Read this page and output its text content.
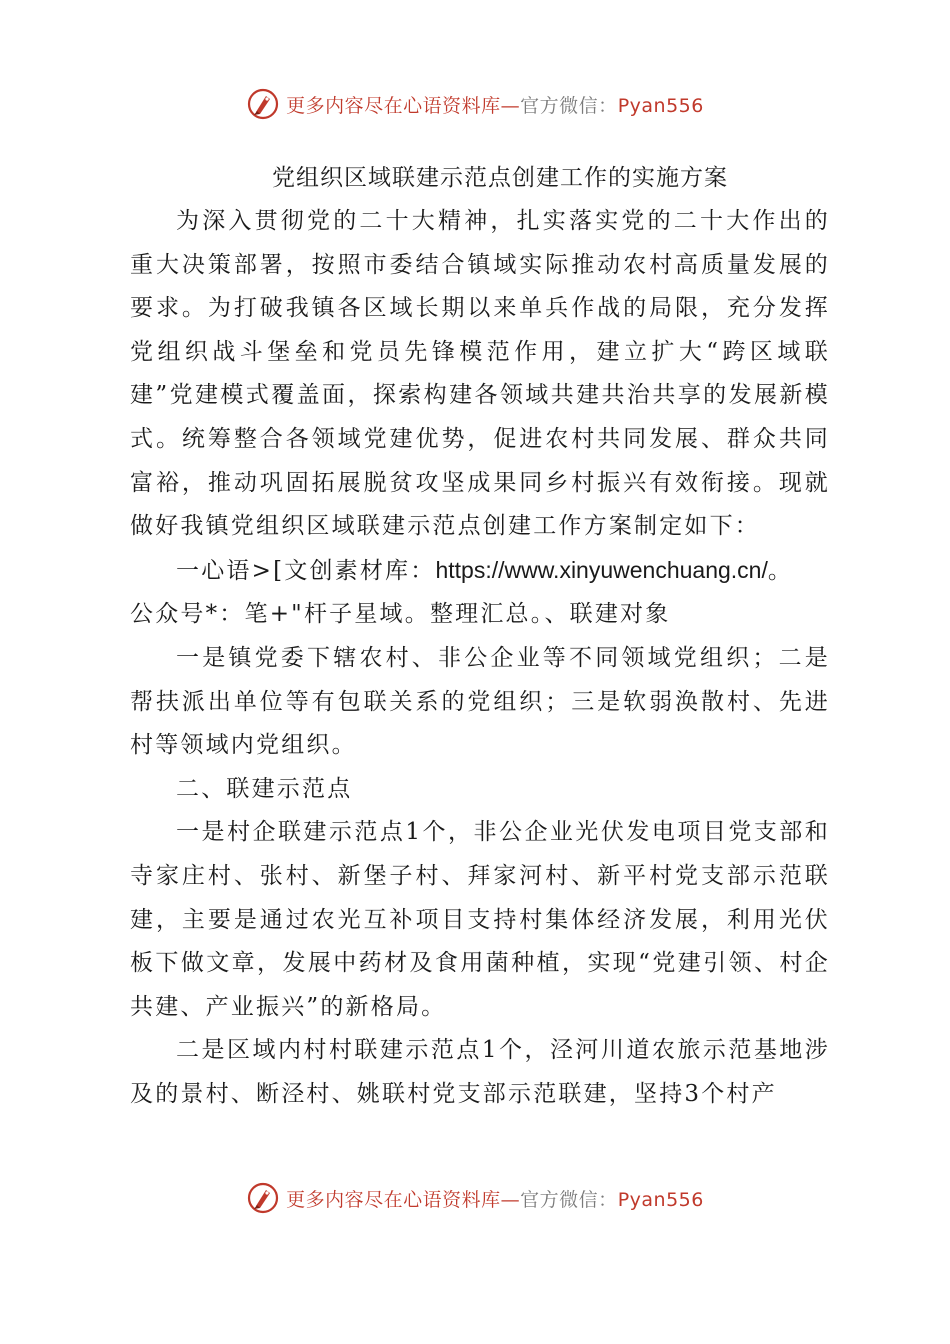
更多内容尽在心语资料库—官方微信：Pyan556
党组织区域联建示范点创建工作的实施方案

为深入贯彻党的二十大精神，扎实落实党的二十大作出的重大决策部署，按照市委结合镇域实际推动农村高质量发展的要求。为打破我镇各区域长期以来单兵作战的局限，充分发挥党组织战斗堡垒和党员先锋模范作用，建立扩大“跨区域联建”党建模式覆盖面，探索构建各领域共建共治共享的发展新模式。统筹整合各领域党建优势，促进农村共同发展、群众共同富裕，推动巩固拓展脱贫攻坚成果同乡村振兴有效衔接。现就做好我镇党组织区域联建示范点创建工作方案制定如下：

一心语>[文创素材库：https://www.xinyuwenchuang.cn/。

公众号*：笔+"杆子星域。整理汇总。、联建对象

一是镇党委下辖农村、非公企业等不同领域党组织；二是帮扶派出单位等有包联关系的党组织；三是软弱涣散村、先进村等领域内党组织。

二、联建示范点

一是村企联建示范点1个，非公企业光伏发电项目党支部和寺家庄村、张村、新堡子村、拜家河村、新平村党支部示范联建，主要是通过农光互补项目支持村集体经济发展，利用光伏板下做文章，发展中药材及食用菌种植，实现“党建引领、村企共建、产业振兴”的新格局。

二是区域内村村联建示范点1个，泾河川道农旅示范基地涉及的景村、断泾村、姚联村党支部示范联建，坚持3个村产

更多内容尽在心语资料库—官方微信：Pyan556
